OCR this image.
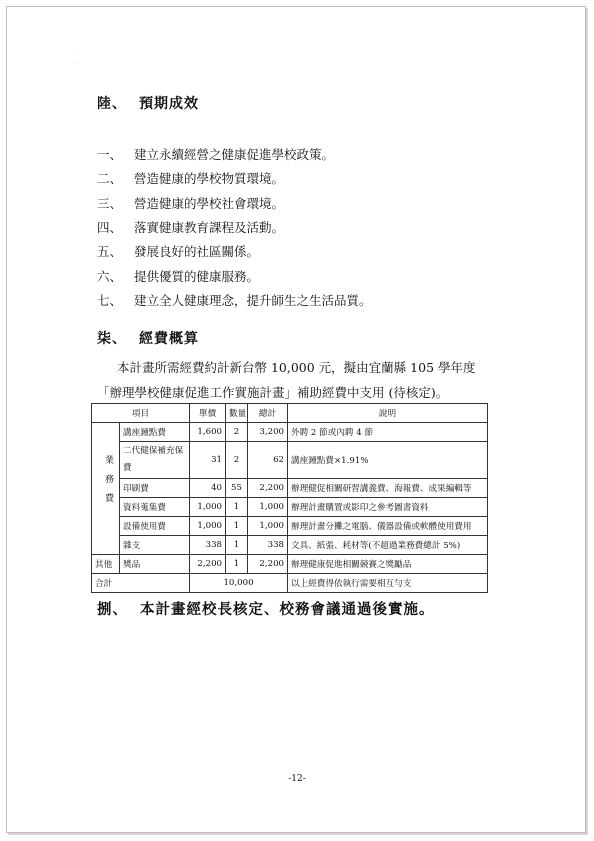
·
.
陸、 預期成效
一、 建立永續經營之健康促進學校政策。
二、 營造健康的學校物質環境。
三、 營造健康的學校社會環境。
四、 落實健康教育課程及活動。
五、 發展良好的社區關係。
六、 提供優質的健康服務。
七、 建立全人健康理念，提升師生之生活品質。
柒、 經費概算
本計畫所需經費約計新台幣 10,000 元，擬由宜蘭縣 105 學年度
「辦理學校健康促進工作實施計畫」補助經費中支用 (待核定)。
項目		單價	數量	總計	說明
業務費	講座鐘點費	1,600	2	3,200	外聘 2 節或內聘 4 節
	二代健保補充保費	31	2	62	講座鐘點費×1.91%
	印刷費	40	55	2,200	辦理健促相關研習講義費、海報費、成果編輯等
	資料蒐集費	1,000	1	1,000	辦理計畫購置或影印之參考圖書資料
	設備使用費	1,000	1	1,000	辦理計畫分攤之電腦、儀器設備或軟體使用費用
	雜支	338	1	338	文具、紙張、耗材等(不超過業務費總計 5%)
其他	獎品	2,200	1	2,200	辦理健康促進相關競賽之獎勵品
合計		10,000			以上經費得依執行需要相互勻支
捌、 本計畫經校長核定、校務會議通過後實施。
-12-
